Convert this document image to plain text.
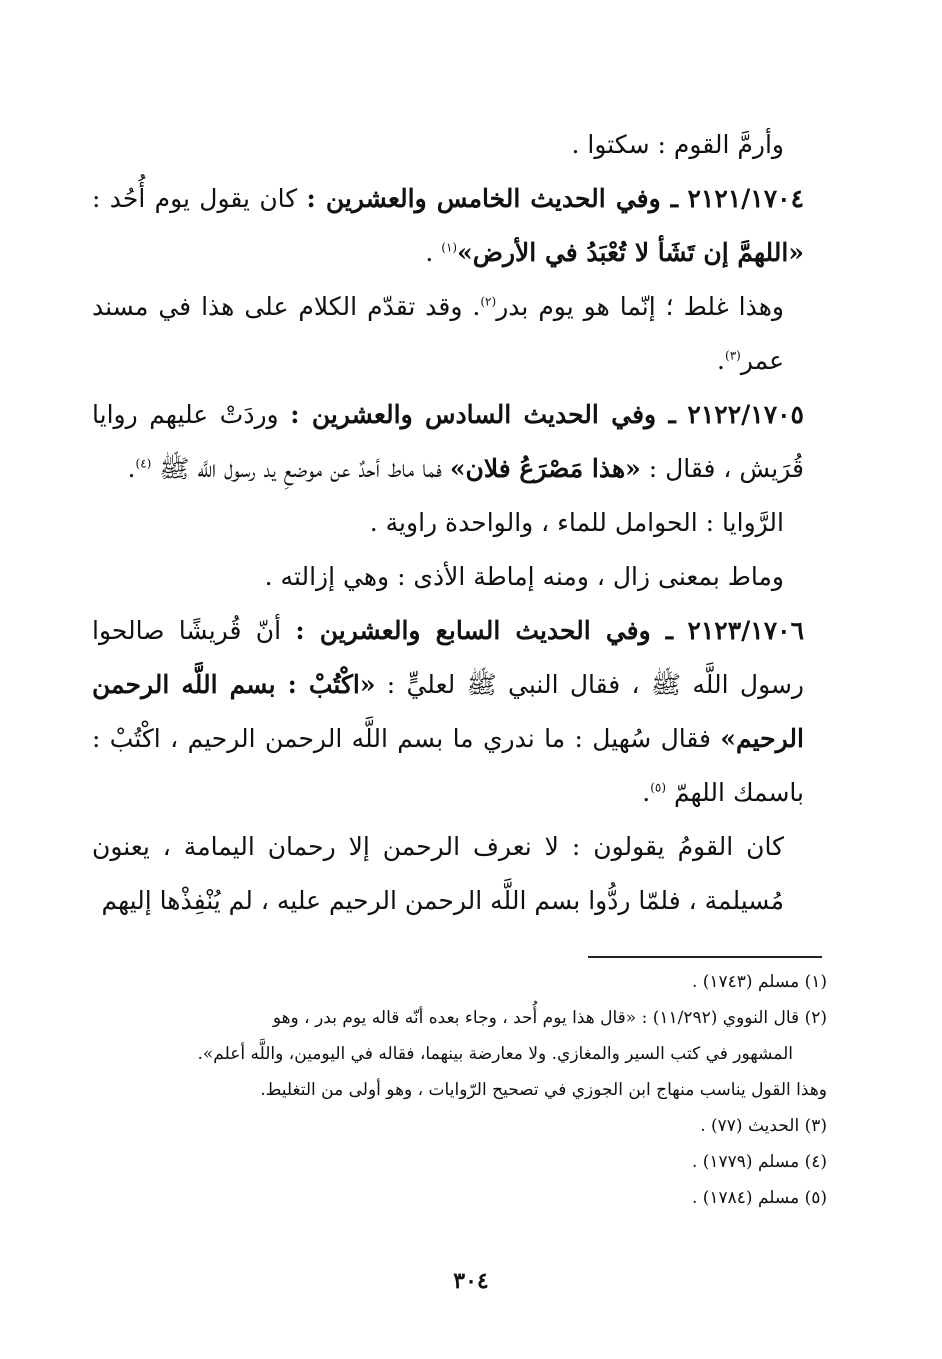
وأرمَّ القوم : سكتوا .

٢١٢١/١٧٠٤ ـ وفي الحديث الخامس والعشرين : كان يقول يوم أُحُد : «اللهمَّ إن تَشَأ لا تُعْبَدُ في الأرض»$^{(١)}$ .

وهذا غلط ؛ إنّما هو يوم بدر$^{(٢)}$. وقد تقدّم الكلام على هذا في مسند عمر$^{(٣)}$.

٢١٢٢/١٧٠٥ ـ وفي الحديث السادس والعشرين : وردَتْ عليهم روايا قُرَيش ، فقال : «هذا مَصْرَعُ فلان» فما ماط أحدٌ عن موضعِ يد رسول اللَّه ﷺ $^{(٤)}$.

الرَّوايا : الحوامل للماء ، والواحدة راوية .

وماط بمعنى زال ، ومنه إماطة الأذى : وهي إزالته .

٢١٢٣/١٧٠٦ ـ وفي الحديث السابع والعشرين : أنّ قُريشًا صالحوا رسول اللَّه ﷺ ، فقال النبي ﷺ لعليٍّ : «اكْتُبْ : بسم اللَّه الرحمن الرحيم» فقال سُهيل : ما ندري ما بسم اللَّه الرحمن الرحيم ، اكْتُبْ : باسمك اللهمّ $^{(٥)}$.

كان القومُ يقولون : لا نعرف الرحمن إلا رحمان اليمامة ، يعنون مُسيلمة ، فلمّا ردُّوا بسم اللَّه الرحمن الرحيم عليه ، لم يُنْفِذْها إليهم

(١) مسلم (١٧٤٣) .

(٢) قال النووي (١١/٢٩٢) : «قال هذا يوم أُحد ، وجاء بعده أنّه قاله يوم بدر ، وهو

المشهور في كتب السير والمغازي. ولا معارضة بينهما، فقاله في اليومين، واللَّه أعلم».

وهذا القول يناسب منهاج ابن الجوزي في تصحيح الرّوايات ، وهو أولى من التغليط.

(٣) الحديث (٧٧) .

(٤) مسلم (١٧٧٩) .

(٥) مسلم (١٧٨٤) .

٣٠٤
